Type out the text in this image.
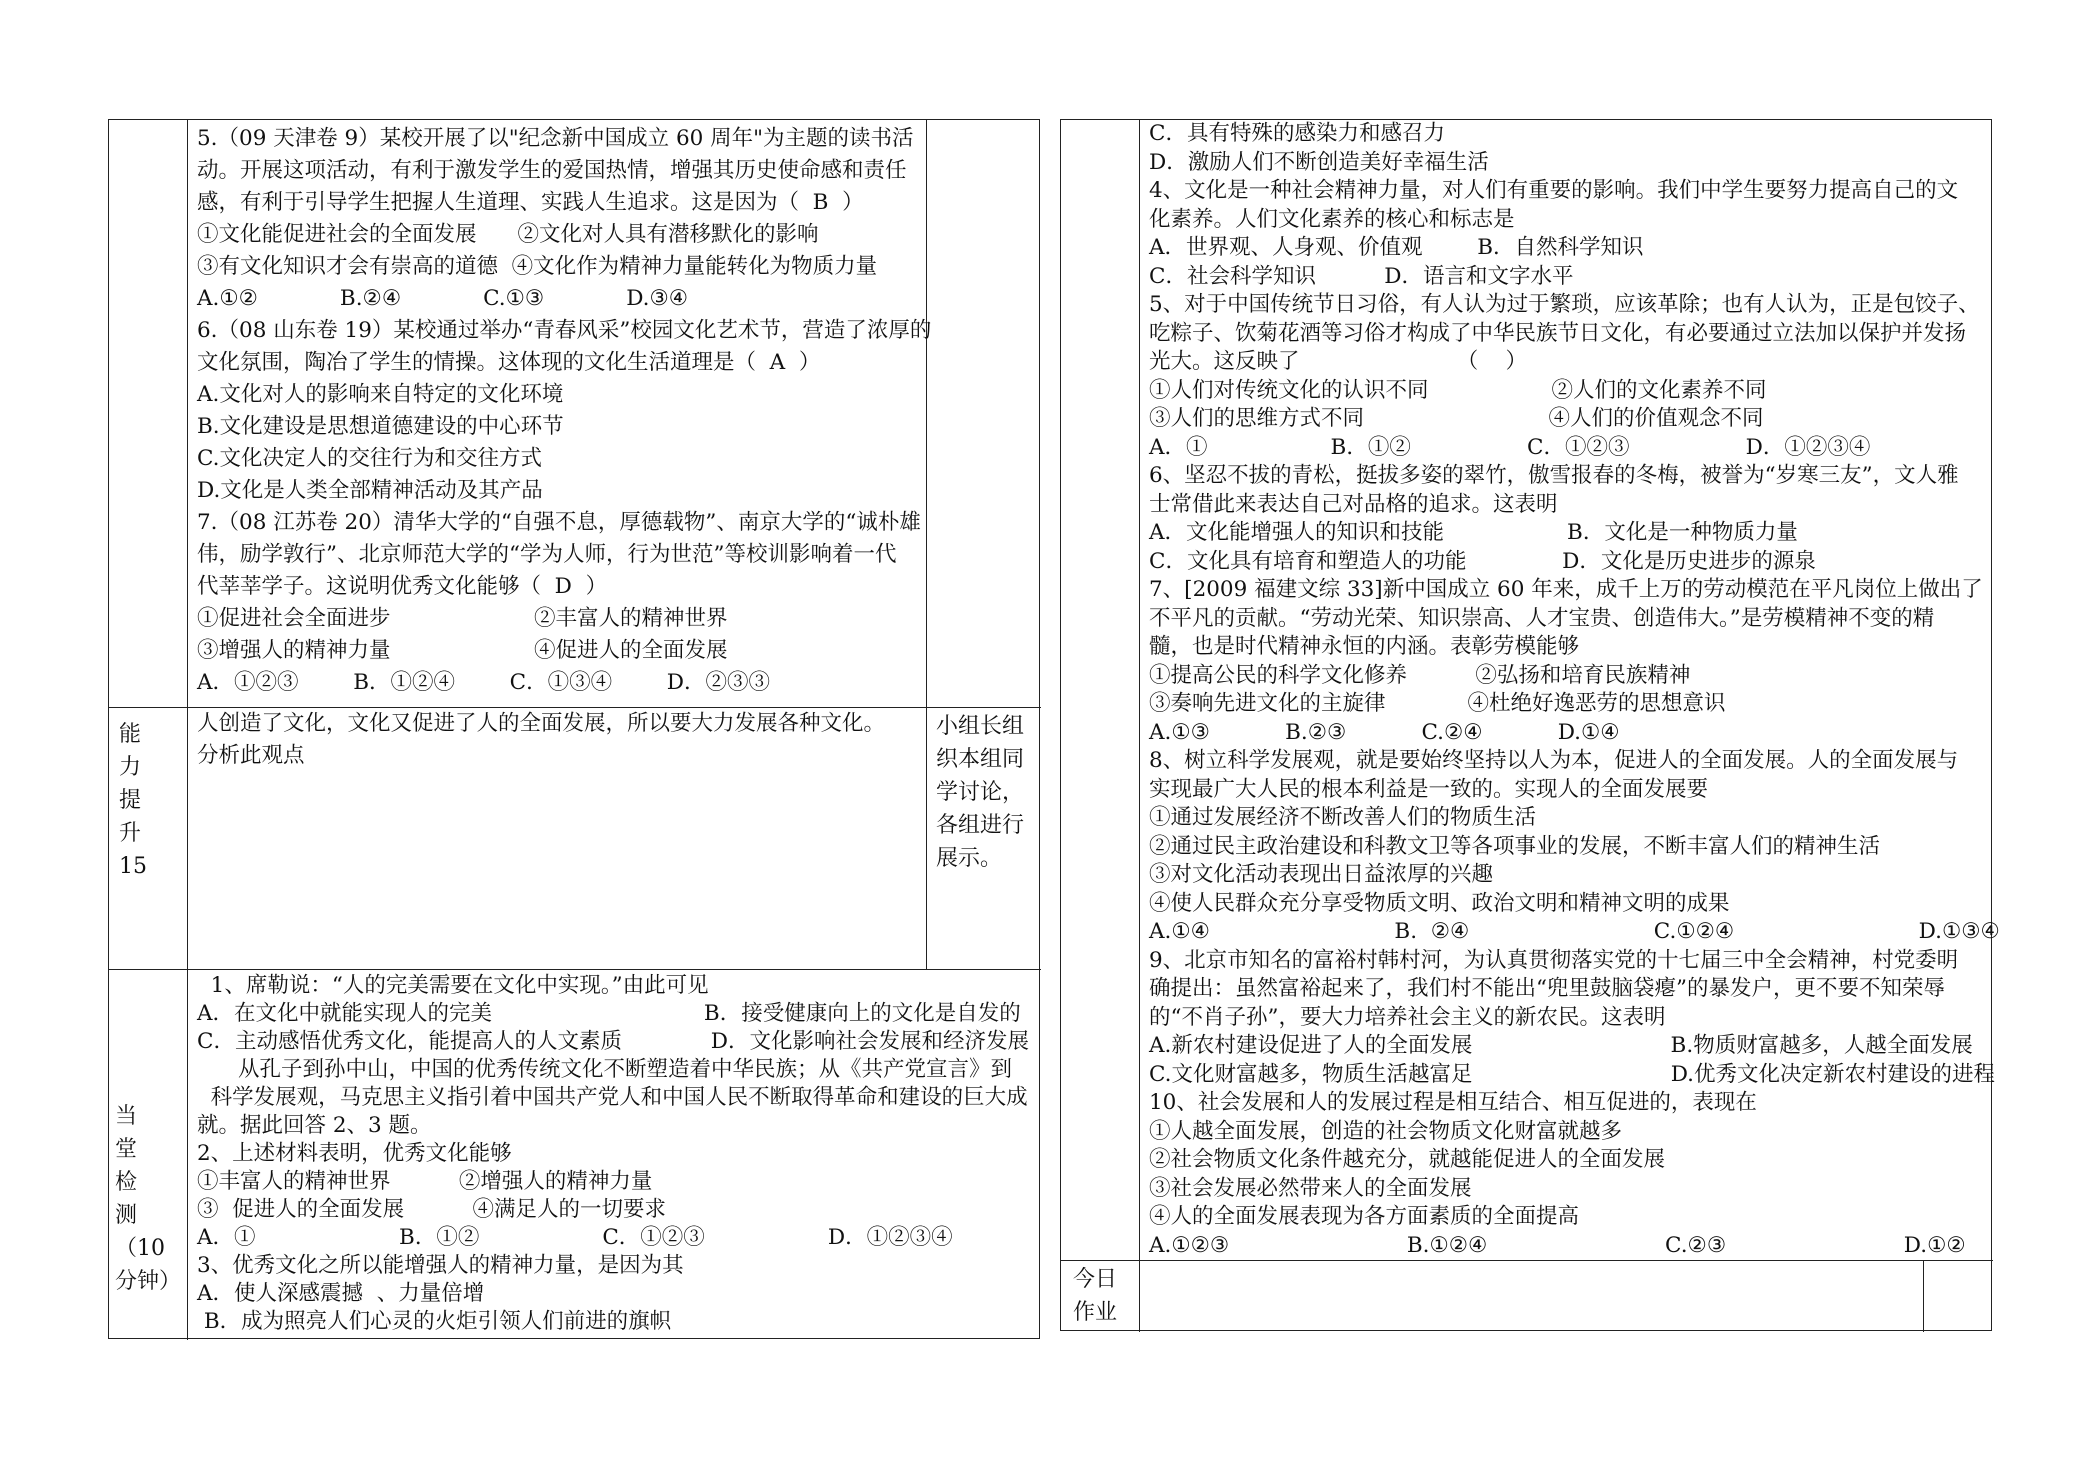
5.（09 天津卷 9）某校开展了以"纪念新中国成立 60 周年"为主题的读书活
动。开展这项活动，有利于激发学生的爱国热情，增强其历史使命感和责任
感，有利于引导学生把握人生道理、实践人生追求。这是因为（  B  ）
①文化能促进社会的全面发展      ②文化对人具有潜移默化的影响
③有文化知识才会有崇高的道德  ④文化作为精神力量能转化为物质力量
A.①②            B.②④            C.①③            D.③④
6.（08 山东卷 19）某校通过举办“青春风采”校园文化艺术节，营造了浓厚的
文化氛围，陶冶了学生的情操。这体现的文化生活道理是（  A  ）
A.文化对人的影响来自特定的文化环境
B.文化建设是思想道德建设的中心环节
C.文化决定人的交往行为和交往方式
D.文化是人类全部精神活动及其产品
7.（08 江苏卷 20）清华大学的“自强不息，厚德载物”、南京大学的“诚朴雄
伟，励学敦行”、北京师范大学的“学为人师，行为世范”等校训影响着一代
代莘莘学子。这说明优秀文化能够（  D  ）
①促进社会全面进步                     ②丰富人的精神世界
③增强人的精神力量                     ④促进人的全面发展
A．①②③        B．①②④        C．①③④        D．②③③
能
力
提
升
15
人创造了文化，文化又促进了人的全面发展，所以要大力发展各种文化。
分析此观点
小组长组
织本组同
学讨论，
各组进行
展示。
当
堂
检
测
（10
分钟）
1、席勒说：“人的完美需要在文化中实现。”由此可见
A．在文化中就能实现人的完美                               B．接受健康向上的文化是自发的
C．主动感悟优秀文化，能提高人的人文素质             D．文化影响社会发展和经济发展
从孔子到孙中山，中国的优秀传统文化不断塑造着中华民族；从《共产党宣言》到
科学发展观，马克思主义指引着中国共产党人和中国人民不断取得革命和建设的巨大成
就。据此回答 2、3 题。
2、上述材料表明，优秀文化能够
①丰富人的精神世界          ②增强人的精神力量
③  促进人的全面发展          ④满足人的一切要求
A．①                     B．①②                  C．①②③                  D．①②③④
3、优秀文化之所以能增强人的精神力量，是因为其
A．使人深感震撼  、力量倍增
B．成为照亮人们心灵的火炬引领人们前进的旗帜
C．具有特殊的感染力和感召力
D．激励人们不断创造美好幸福生活
4、文化是一种社会精神力量，对人们有重要的影响。我们中学生要努力提高自己的文
化素养。人们文化素养的核心和标志是
A．世界观、人身观、价值观        B．自然科学知识
C．社会科学知识          D．语言和文字水平
5、对于中国传统节日习俗，有人认为过于繁琐，应该革除；也有人认为，正是包饺子、
吃粽子、饮菊花酒等习俗才构成了中华民族节日文化，有必要通过立法加以保护并发扬
光大。这反映了                       （    ）
①人们对传统文化的认识不同                  ②人们的文化素养不同
③人们的思维方式不同                           ④人们的价值观念不同
A．①                  B．①②                 C．①②③                 D．①②③④
6、坚忍不拔的青松，挺拔多姿的翠竹，傲雪报春的冬梅，被誉为“岁寒三友”，文人雅
士常借此来表达自己对品格的追求。这表明
A．文化能增强人的知识和技能                  B．文化是一种物质力量
C．文化具有培育和塑造人的功能              D．文化是历史进步的源泉
7、[2009 福建文综 33]新中国成立 60 年来，成千上万的劳动模范在平凡岗位上做出了
不平凡的贡献。“劳动光荣、知识崇高、人才宝贵、创造伟大。”是劳模精神不变的精
髓，也是时代精神永恒的内涵。表彰劳模能够
①提高公民的科学文化修养          ②弘扬和培育民族精神
③奏响先进文化的主旋律            ④杜绝好逸恶劳的思想意识
A.①③           B.②③           C.②④           D.①④
8、树立科学发展观，就是要始终坚持以人为本，促进人的全面发展。人的全面发展与
实现最广大人民的根本利益是一致的。实现人的全面发展要
①通过发展经济不断改善人们的物质生活
②通过民主政治建设和科教文卫等各项事业的发展，不断丰富人们的精神生活
③对文化活动表现出日益浓厚的兴趣
④使人民群众充分享受物质文明、政治文明和精神文明的成果
A.①④                           B.  ②④                           C.①②④                           D.①③④
9、北京市知名的富裕村韩村河，为认真贯彻落实党的十七届三中全会精神，村党委明
确提出：虽然富裕起来了，我们村不能出“兜里鼓脑袋瘪”的暴发户，更不要不知荣辱
的“不肖子孙”，要大力培养社会主义的新农民。这表明
A.新农村建设促进了人的全面发展                             B.物质财富越多，人越全面发展
C.文化财富越多，物质生活越富足                             D.优秀文化决定新农村建设的进程
10、社会发展和人的发展过程是相互结合、相互促进的，表现在
①人越全面发展，创造的社会物质文化财富就越多
②社会物质文化条件越充分，就越能促进人的全面发展
③社会发展必然带来人的全面发展
④人的全面发展表现为各方面素质的全面提高
A.①②③                          B.①②④                          C.②③                          D.①②
今日
作业
